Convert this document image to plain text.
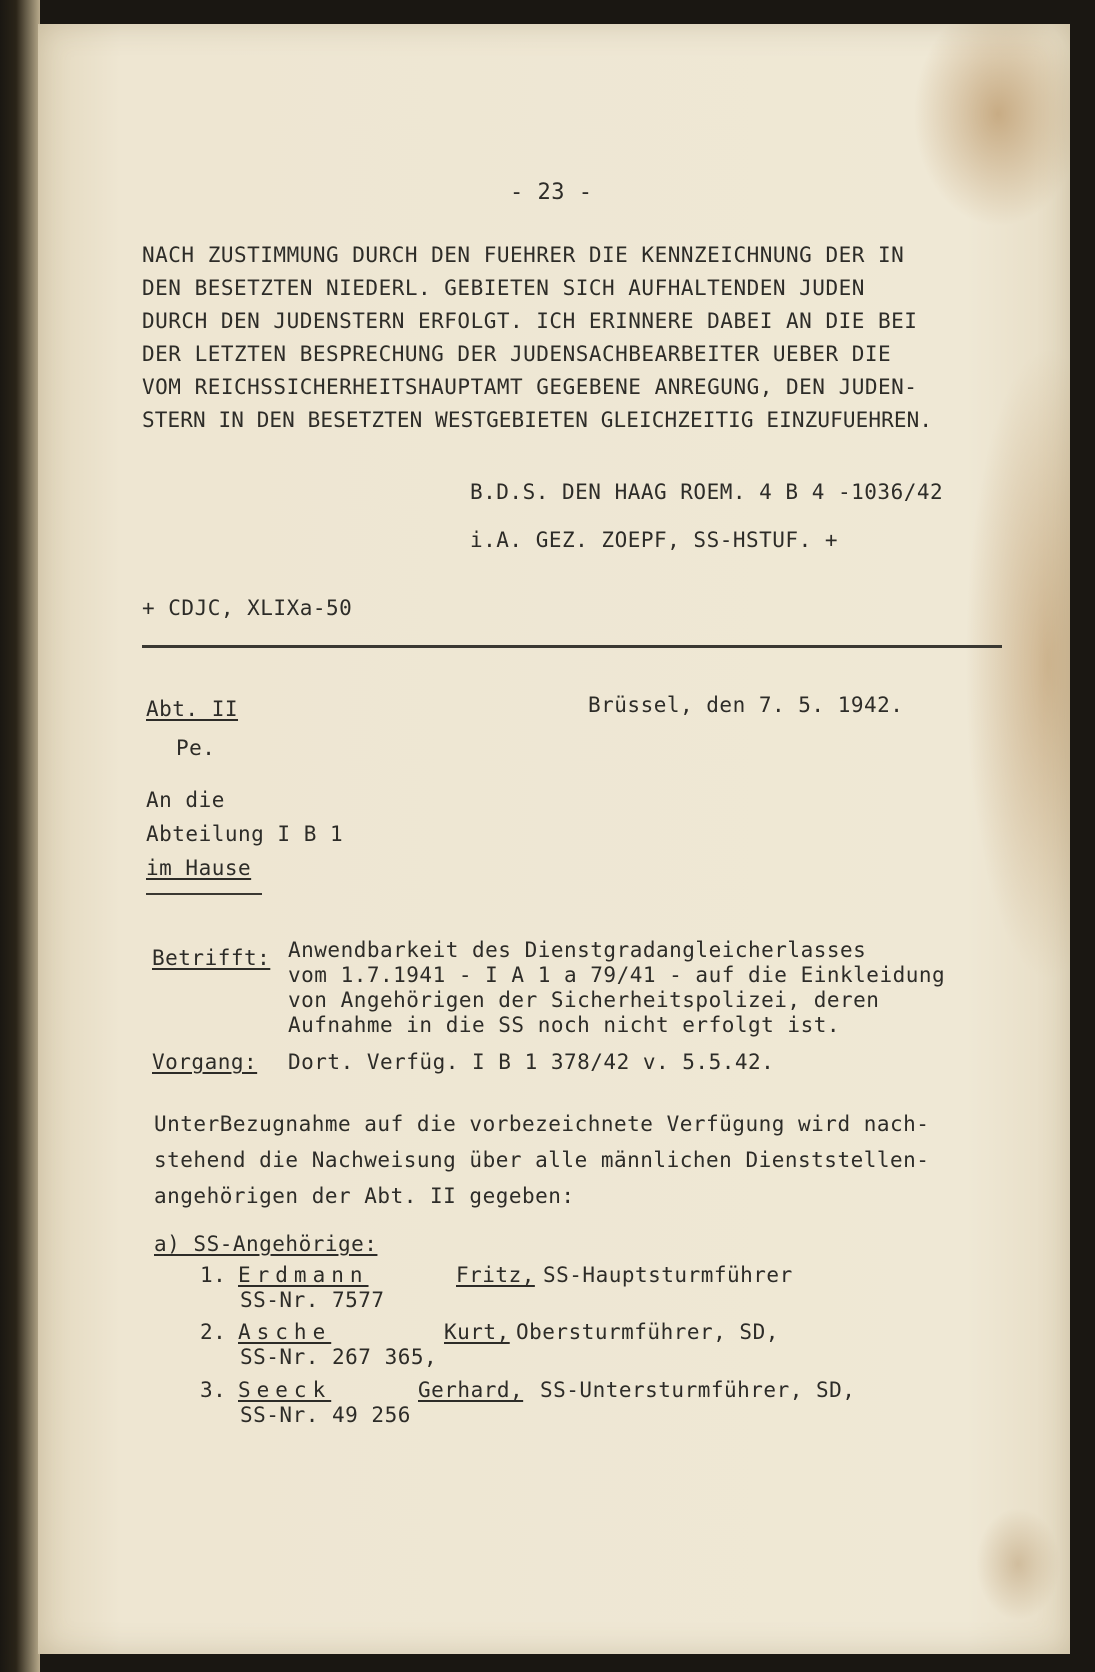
- 23 -

NACH ZUSTIMMUNG DURCH DEN FUEHRER DIE KENNZEICHNUNG DER IN

DEN BESETZTEN NIEDERL. GEBIETEN SICH AUFHALTENDEN JUDEN

DURCH DEN JUDENSTERN ERFOLGT. ICH ERINNERE DABEI AN DIE BEI

DER LETZTEN BESPRECHUNG DER JUDENSACHBEARBEITER UEBER DIE

VOM REICHSSICHERHEITSHAUPTAMT GEGEBENE ANREGUNG, DEN JUDEN-

STERN IN DEN BESETZTEN WESTGEBIETEN GLEICHZEITIG EINZUFUEHREN.

B.D.S. DEN HAAG ROEM. 4 B 4 -1036/42

i.A. GEZ. ZOEPF, SS-HSTUF. +

+ CDJC, XLIXa-50

Abt. II	Brüssel, den 7. 5. 1942.

Pe.

An die

Abteilung I B 1

im Hause

Betrifft: Anwendbarkeit des Dienstgradangleicherlasses

vom 1.7.1941 - I A 1 a 79/41 - auf die Einkleidung

von Angehörigen der Sicherheitspolizei, deren

Aufnahme in die SS noch nicht erfolgt ist.

Vorgang: Dort. Verfüg. I B 1 378/42 v. 5.5.42.

UnterBezugnahme auf die vorbezeichnete Verfügung wird nach-

stehend die Nachweisung über alle männlichen Dienststellen-

angehörigen der Abt. II gegeben:

a) SS-Angehörige:

1. Erdmann	Fritz, SS-Hauptsturmführer

SS-Nr. 7577

2. Asche	Kurt, Obersturmführer, SD,

SS-Nr. 267 365,

3. Seeck	Gerhard, SS-Untersturmführer, SD,

SS-Nr. 49 256
